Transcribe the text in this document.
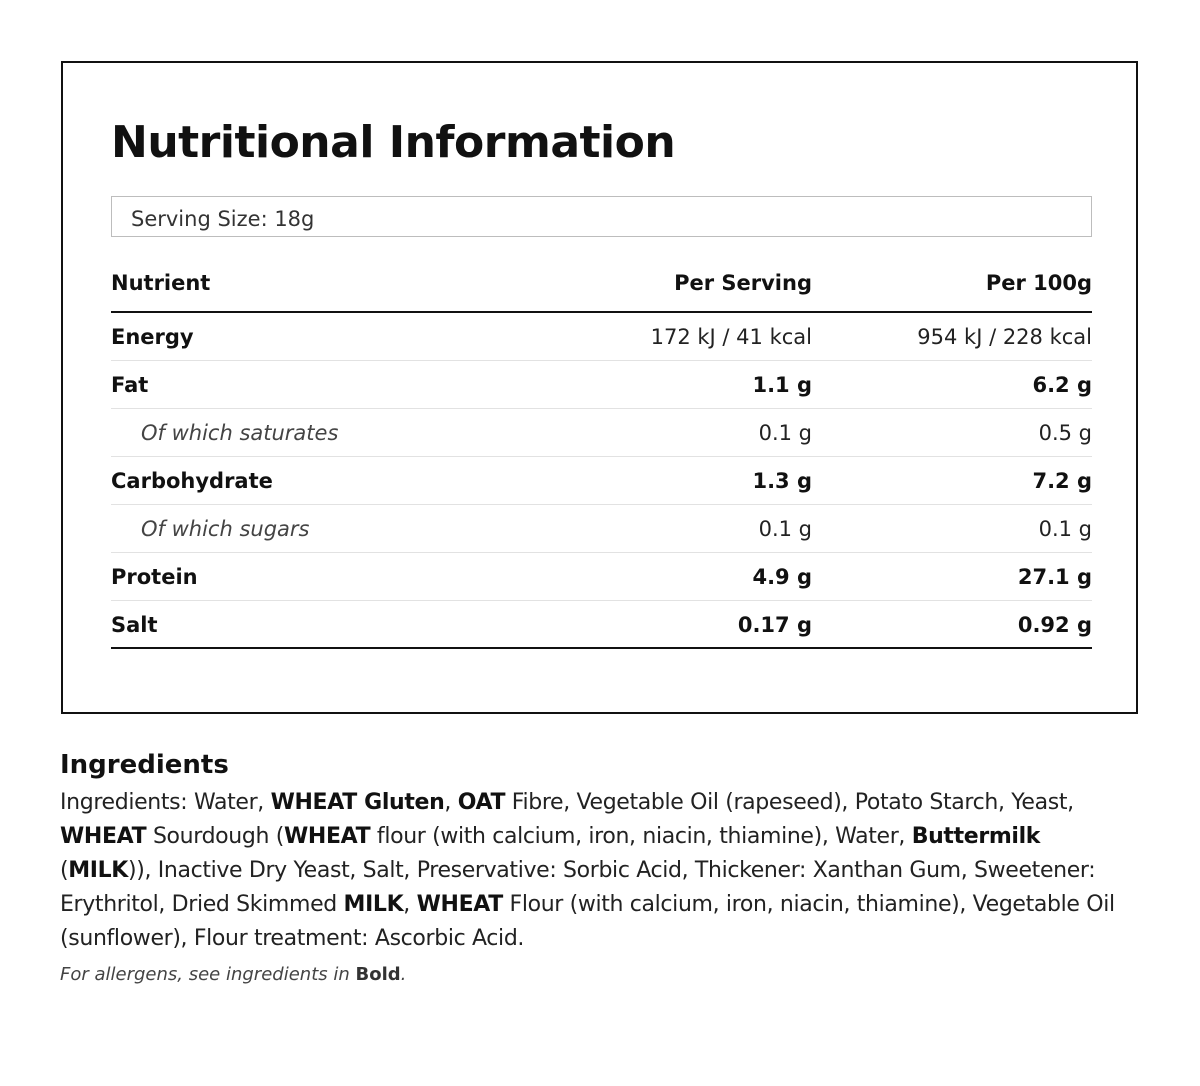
Nutritional Information
Serving Size: 18g
Nutrient	Per Serving	Per 100g
Energy	172 kJ / 41 kcal	954 kJ / 228 kcal
Fat	1.1 g	6.2 g
Of which saturates	0.1 g	0.5 g
Carbohydrate	1.3 g	7.2 g
Of which sugars	0.1 g	0.1 g
Protein	4.9 g	27.1 g
Salt	0.17 g	0.92 g
Ingredients

Ingredients: Water, WHEAT Gluten, OAT Fibre, Vegetable Oil (rapeseed), Potato Starch, Yeast, WHEAT Sourdough (WHEAT flour (with calcium, iron, niacin, thiamine), Water, Buttermilk (MILK)), Inactive Dry Yeast, Salt, Preservative: Sorbic Acid, Thickener: Xanthan Gum, Sweetener: Erythritol, Dried Skimmed MILK, WHEAT Flour (with calcium, iron, niacin, thiamine), Vegetable Oil (sunflower), Flour treatment: Ascorbic Acid.

For allergens, see ingredients in Bold.
